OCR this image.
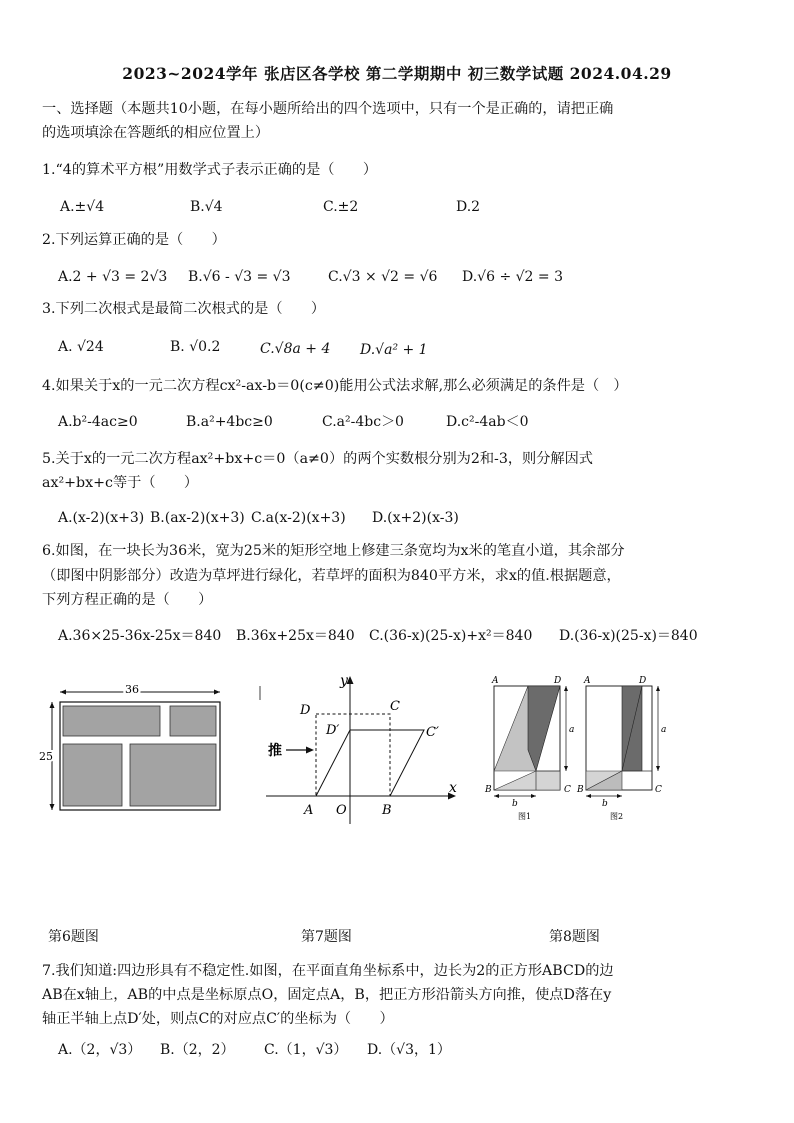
2023~2024学年 张店区各学校 第二学期期中 初三数学试题 2024.04.29
一、选择题（本题共10小题，在每小题所给出的四个选项中，只有一个是正确的，请把正确
的选项填涂在答题纸的相应位置上）
1.“4的算术平方根”用数学式子表示正确的是（　　）
A.±√4	B.√4	C.±2	D.2
2.下列运算正确的是（　　）
A.2 + √3 = 2√3 B.√6 - √3 = √3	C.√3 × √2 = √6 D.√6 ÷ √2 = 3
3.下列二次根式是最简二次根式的是（　　）
A. √24	B. √0.2	C.√8a + 4 D.√a² + 1
4.如果关于x的一元二次方程cx²-ax-b＝0(c≠0)能用公式法求解,那么必须满足的条件是（　）
A.b²-4ac≥0	B.a²+4bc≥0	C.a²-4bc＞0	D.c²-4ab＜0
5.关于x的一元二次方程ax²+bx+c＝0（a≠0）的两个实数根分别为2和-3，则分解因式
ax²+bx+c等于（　　）
A.(x-2)(x+3) B.(ax-2)(x+3) C.a(x-2)(x+3) D.(x+2)(x-3)
6.如图，在一块长为36米，宽为25米的矩形空地上修建三条宽均为x米的笔直小道，其余部分
（即图中阴影部分）改造为草坪进行绿化，若草坪的面积为840平方米，求x的值.根据题意，
下列方程正确的是（　　）
A.36×25-36x-25x＝840 B.36x+25x＝840 C.(36-x)(25-x)+x²＝840 D.(36-x)(25-x)＝840
36
25
y
x
D	C
D′	C′
A O	B
推
A	D
B	C
a
b
图1
A	D
B	C
a
b
图2
第6题图	第7题图	第8题图
7.我们知道:四边形具有不稳定性.如图，在平面直角坐标系中，边长为2的正方形ABCD的边
AB在x轴上，AB的中点是坐标原点O，固定点A，B，把正方形沿箭头方向推，使点D落在y
轴正半轴上点D′处，则点C的对应点C′的坐标为（　　）
A.（2，√3） B.（2，2） C.（1，√3） D.（√3，1）
